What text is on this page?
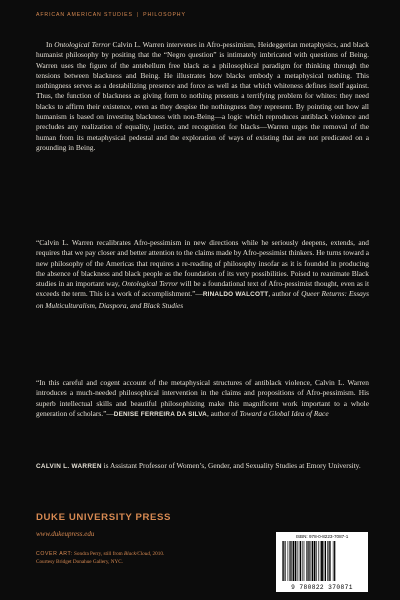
AFRICAN AMERICAN STUDIES | PHILOSOPHY
In Ontological Terror Calvin L. Warren intervenes in Afro-pessimism, Heideggerian metaphysics, and black humanist philosophy by positing that the “Negro question” is intimately imbricated with questions of Being. Warren uses the figure of the antebellum free black as a philosophical paradigm for thinking through the tensions between blackness and Being. He illustrates how blacks embody a metaphysical nothing. This nothingness serves as a destabilizing presence and force as well as that which whiteness defines itself against. Thus, the function of blackness as giving form to nothing presents a terrifying problem for whites: they need blacks to affirm their existence, even as they despise the nothingness they represent. By pointing out how all humanism is based on investing blackness with non-Being—a logic which reproduces antiblack violence and precludes any realization of equality, justice, and recognition for blacks—Warren urges the removal of the human from its metaphysical pedestal and the exploration of ways of existing that are not predicated on a grounding in Being.
“Calvin L. Warren recalibrates Afro-pessimism in new directions while he seriously deepens, extends, and requires that we pay closer and better attention to the claims made by Afro-pessimist thinkers. He turns toward a new philosophy of the Americas that requires a re-reading of philosophy insofar as it is founded in producing the absence of blackness and black people as the foundation of its very possibilities. Poised to reanimate Black studies in an important way, Ontological Terror will be a foundational text of Afro-pessimist thought, even as it exceeds the term. This is a work of accomplishment.”—RINALDO WALCOTT, author of Queer Returns: Essays on Multiculturalism, Diaspora, and Black Studies
“In this careful and cogent account of the metaphysical structures of antiblack violence, Calvin L. Warren introduces a much-needed philosophical intervention in the claims and propositions of Afro-pessimism. His superb intellectual skills and beautiful philosophizing make this magnificent work important to a whole generation of scholars.”—DENISE FERREIRA DA SILVA, author of Toward a Global Idea of Race
CALVIN L. WARREN is Assistant Professor of Women’s, Gender, and Sexuality Studies at Emory University.
DUKE UNIVERSITY PRESS
www.dukeupress.edu
COVER ART: Sondra Perry, still from Black/Cloud, 2010.
Courtesy Bridget Donahue Gallery, NYC.
ISBN: 978-0-8223-7087-1
9 780822 370871
